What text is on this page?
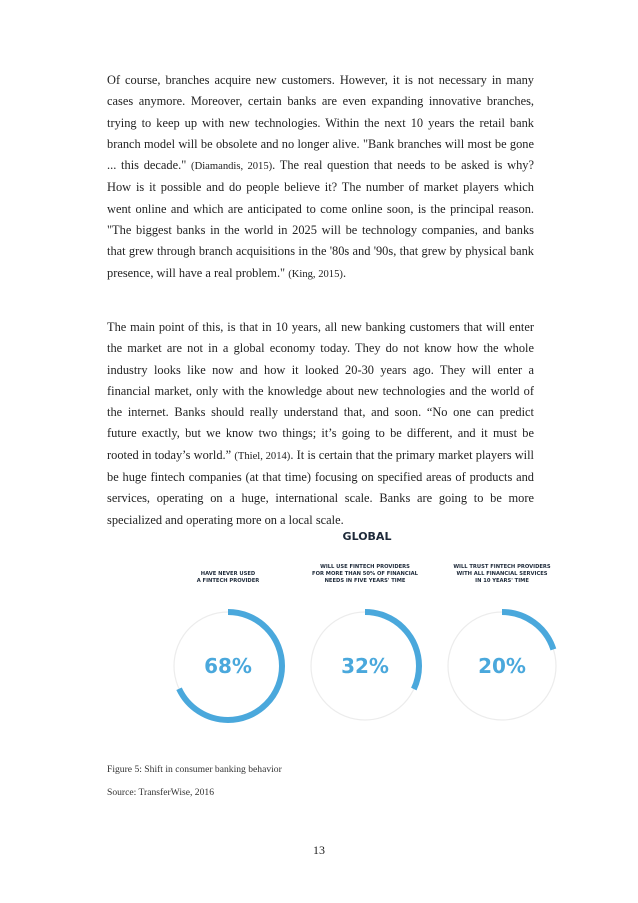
Of course, branches acquire new customers. However, it is not necessary in many cases anymore. Moreover, certain banks are even expanding innovative branches, trying to keep up with new technologies. Within the next 10 years the retail bank branch model will be obsolete and no longer alive. "Bank branches will most be gone ... this decade." (Diamandis, 2015). The real question that needs to be asked is why? How is it possible and do people believe it? The number of market players which went online and which are anticipated to come online soon, is the principal reason. "The biggest banks in the world in 2025 will be technology companies, and banks that grew through branch acquisitions in the '80s and '90s, that grew by physical bank presence, will have a real problem." (King, 2015).

The main point of this, is that in 10 years, all new banking customers that will enter the market are not in a global economy today. They do not know how the whole industry looks like now and how it looked 20-30 years ago. They will enter a financial market, only with the knowledge about new technologies and the world of the internet. Banks should really understand that, and soon. “No one can predict future exactly, but we know two things; it’s going to be different, and it must be rooted in today’s world.” (Thiel, 2014). It is certain that the primary market players will be huge fintech companies (at that time) focusing on specified areas of products and services, operating on a huge, international scale. Banks are going to be more specialized and operating more on a local scale.

GLOBAL
HAVE NEVER USED
A FINTECH PROVIDER
68%
WILL USE FINTECH PROVIDERS
FOR MORE THAN 50% OF FINANCIAL
NEEDS IN FIVE YEARS' TIME
32%
WILL TRUST FINTECH PROVIDERS
WITH ALL FINANCIAL SERVICES
IN 10 YEARS' TIME
20%
Figure 5: Shift in consumer banking behavior
Source: TransferWise, 2016
13
